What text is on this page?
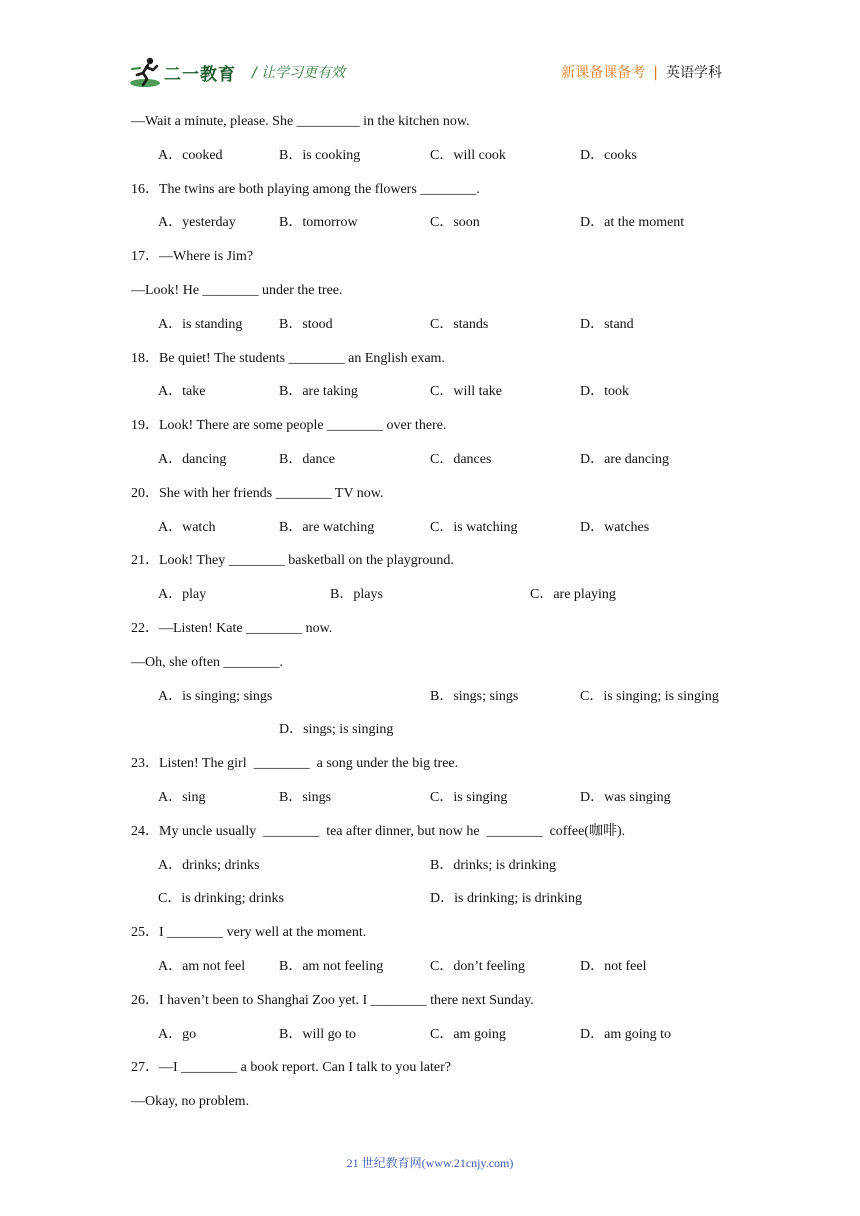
二一教育 / 让学习更有效	新课备课备考 | 英语学科
—Wait a minute, please. She _________ in the kitchen now.
A．cooked	B．is cooking	C．will cook	D．cooks
16．The twins are both playing among the flowers ________.
A．yesterday	B．tomorrow	C．soon	D．at the moment
17．—Where is Jim?
—Look! He ________ under the tree.
A．is standing	B．stood	C．stands	D．stand
18．Be quiet! The students ________ an English exam.
A．take	B．are taking	C．will take	D．took
19．Look! There are some people ________ over there.
A．dancing	B．dance	C．dances	D．are dancing
20．She with her friends ________ TV now.
A．watch	B．are watching	C．is watching	D．watches
21．Look! They ________ basketball on the playground.
A．play	B．plays	C．are playing
22．—Listen! Kate ________ now.
—Oh, she often ________.
A．is singing; sings	B．sings; sings	C．is singing; is singing
D．sings; is singing
23．Listen! The girl  ________  a song under the big tree.
A．sing	B．sings	C．is singing	D．was singing
24．My uncle usually  ________  tea after dinner, but now he  ________  coffee(咖啡).
A．drinks; drinks	B．drinks; is drinking
C．is drinking; drinks	D．is drinking; is drinking
25．I ________ very well at the moment.
A．am not feel B．am not feeling	C．don’t feeling	D．not feel
26．I haven’t been to Shanghai Zoo yet. I ________ there next Sunday.
A．go	B．will go to	C．am going	D．am going to
27．—I ________ a book report. Can I talk to you later?
—Okay, no problem.
21 世纪教育网(www.21cnjy.com)
